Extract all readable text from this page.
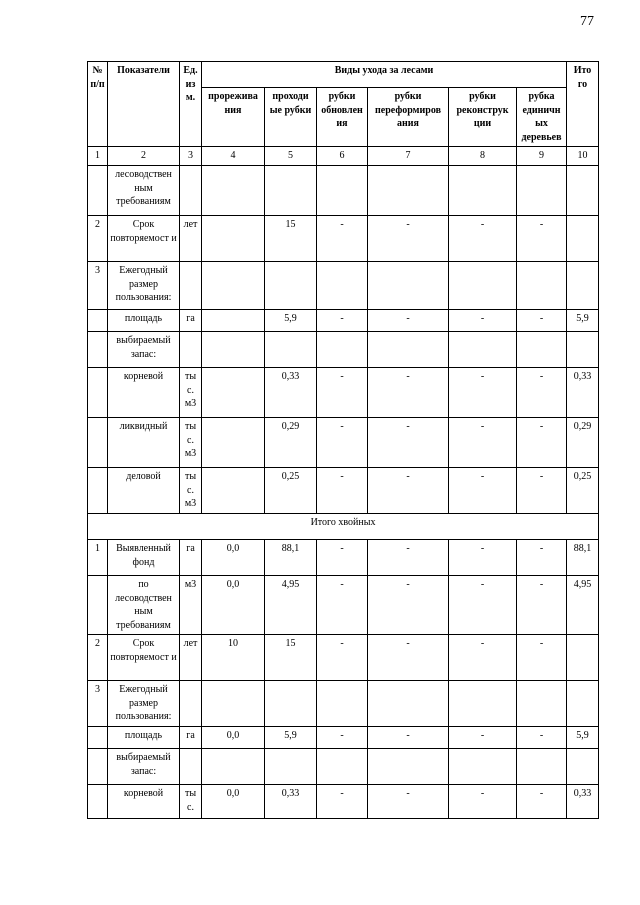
77
№ п/п	Показатели	Ед. из м.	Виды ухода за лесами						Ито го
			прорежива ния	проходи ые рубки	рубки обновлен ия	рубки переформиров ания	рубки реконструк ции	рубка единичн ых деревьев	
1	2	3	4	5	6	7	8	9	10
	лесоводствен ным требованиям								
2	Срок повторяемост и	лет		15	-	-	-	-	
3	Ежегодный размер пользования:								
	площадь	га		5,9	-	-	-	-	5,9
	выбираемый запас:								
	корневой	ты с. м3		0,33	-	-	-	-	0,33
	ликвидный	ты с. м3		0,29	-	-	-	-	0,29
	деловой	ты с. м3		0,25	-	-	-	-	0,25
Итого хвойных									
1	Выявленный фонд	га	0,0	88,1	-	-	-	-	88,1
	по лесоводствен ным требованиям	м3	0,0	4,95	-	-	-	-	4,95
2	Срок повторяемост и	лет	10	15	-	-	-	-	
3	Ежегодный размер пользования:								
	площадь	га	0,0	5,9	-	-	-	-	5,9
	выбираемый запас:								
	корневой	ты с.	0,0	0,33	-	-	-	-	0,33
